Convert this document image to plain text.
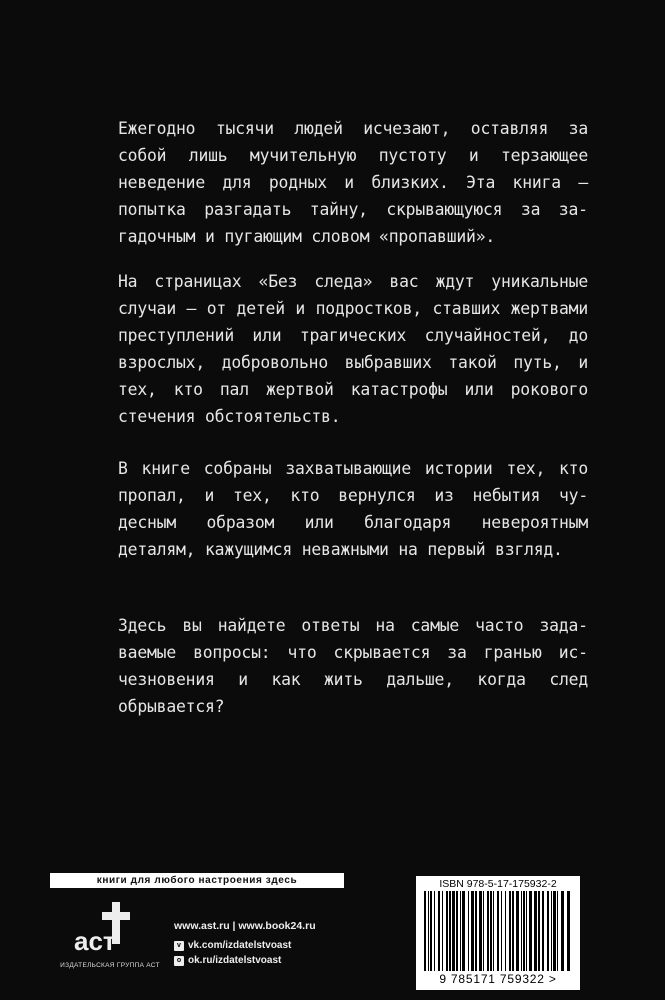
Ежегодно тысячи людей исчезают, оставляя за собой лишь мучительную пустоту и терзающее неведение для родных и близких. Эта книга — попытка разгадать тайну, скрывающуюся за загадочным и пугающим словом «пропавший».

На страницах «Без следа» вас ждут уникальные случаи — от детей и подростков, ставших жертвами преступлений или трагических случайностей, до взрослых, добровольно выбравших такой путь, и тех, кто пал жертвой катастрофы или рокового стечения обстоятельств.

В книге собраны захватывающие истории тех, кто пропал, и тех, кто вернулся из небытия чу- десным образом или благодаря невероятным деталям, кажущимся неважными на первый взгляд.

Здесь вы найдете ответы на самые часто задаваемые вопросы: что скрывается за гранью исчезновения и как жить дальше, когда след обрывается?

книги для любого настроения здесь
аст
ИЗДАТЕЛЬСКАЯ ГРУППА АСТ
www.ast.ru | www.book24.ru
v vk.com/izdatelstvoast
o ok.ru/izdatelstvoast
ISBN 978-5-17-175932-2
9 785171 759322 >
